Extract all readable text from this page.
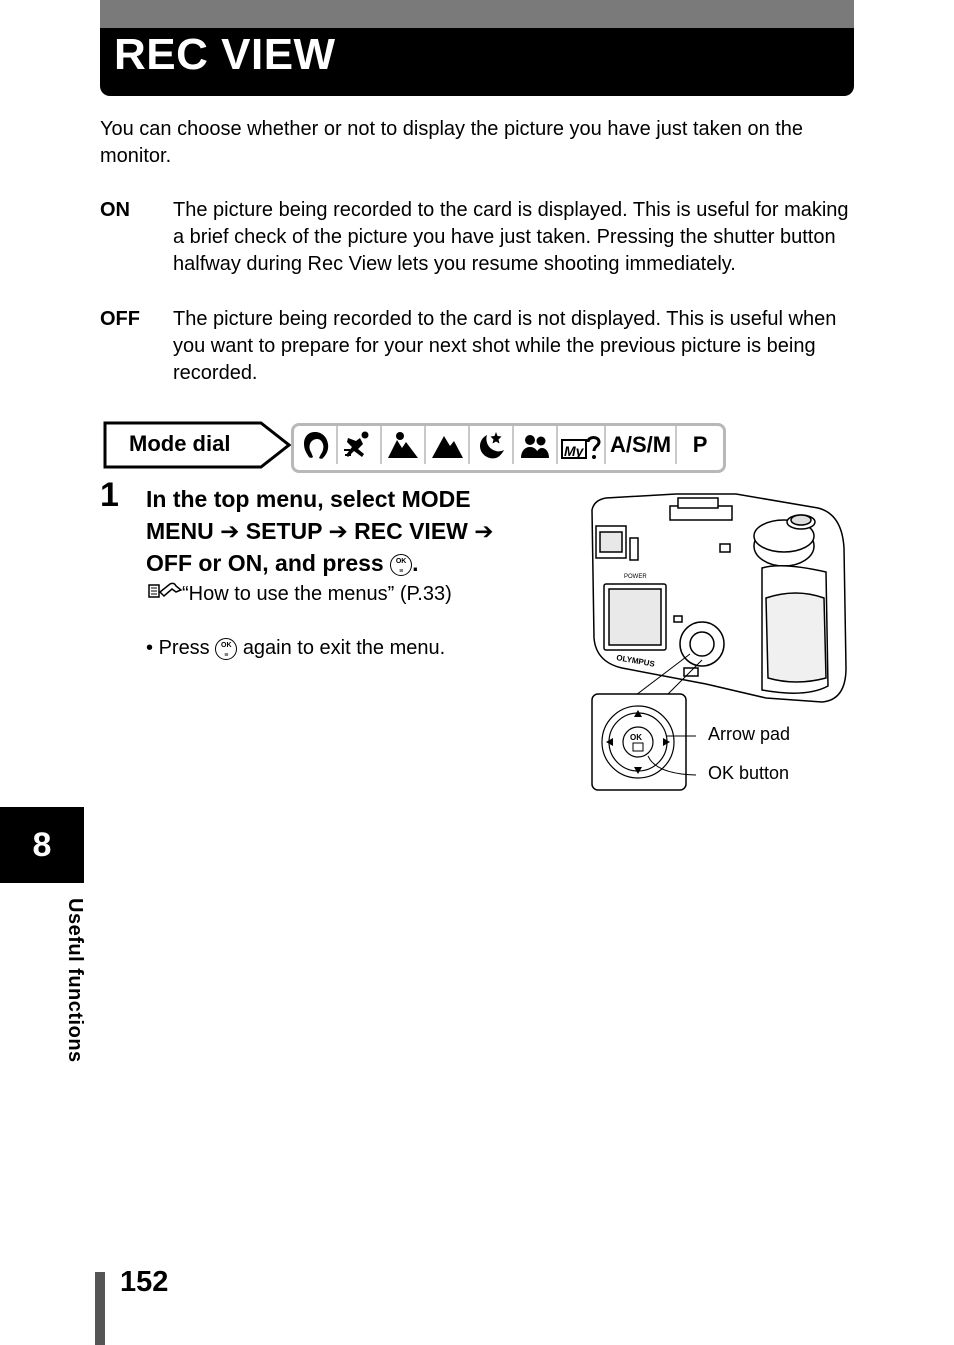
REC VIEW

You can choose whether or not to display the picture you have just taken on the monitor.

ON The picture being recorded to the card is displayed. This is useful for making a brief check of the picture you have just taken. Pressing the shutter button halfway during Rec View lets you resume shooting immediately.
OFF The picture being recorded to the card is not displayed. This is useful when you want to prepare for your next shot while the previous picture is being recorded.
Mode dial	My A/S/M P
1 In the top menu, select MODE
MENU ➔ SETUP ➔ REC VIEW ➔
OFF or ON, and press OK
≡ .
“How to use the menus” (P.33)
• Press OK
≡ again to exit the menu.
POWER
OLYMPUS
OK	Arrow pad
OK button
8
Useful functions
152
